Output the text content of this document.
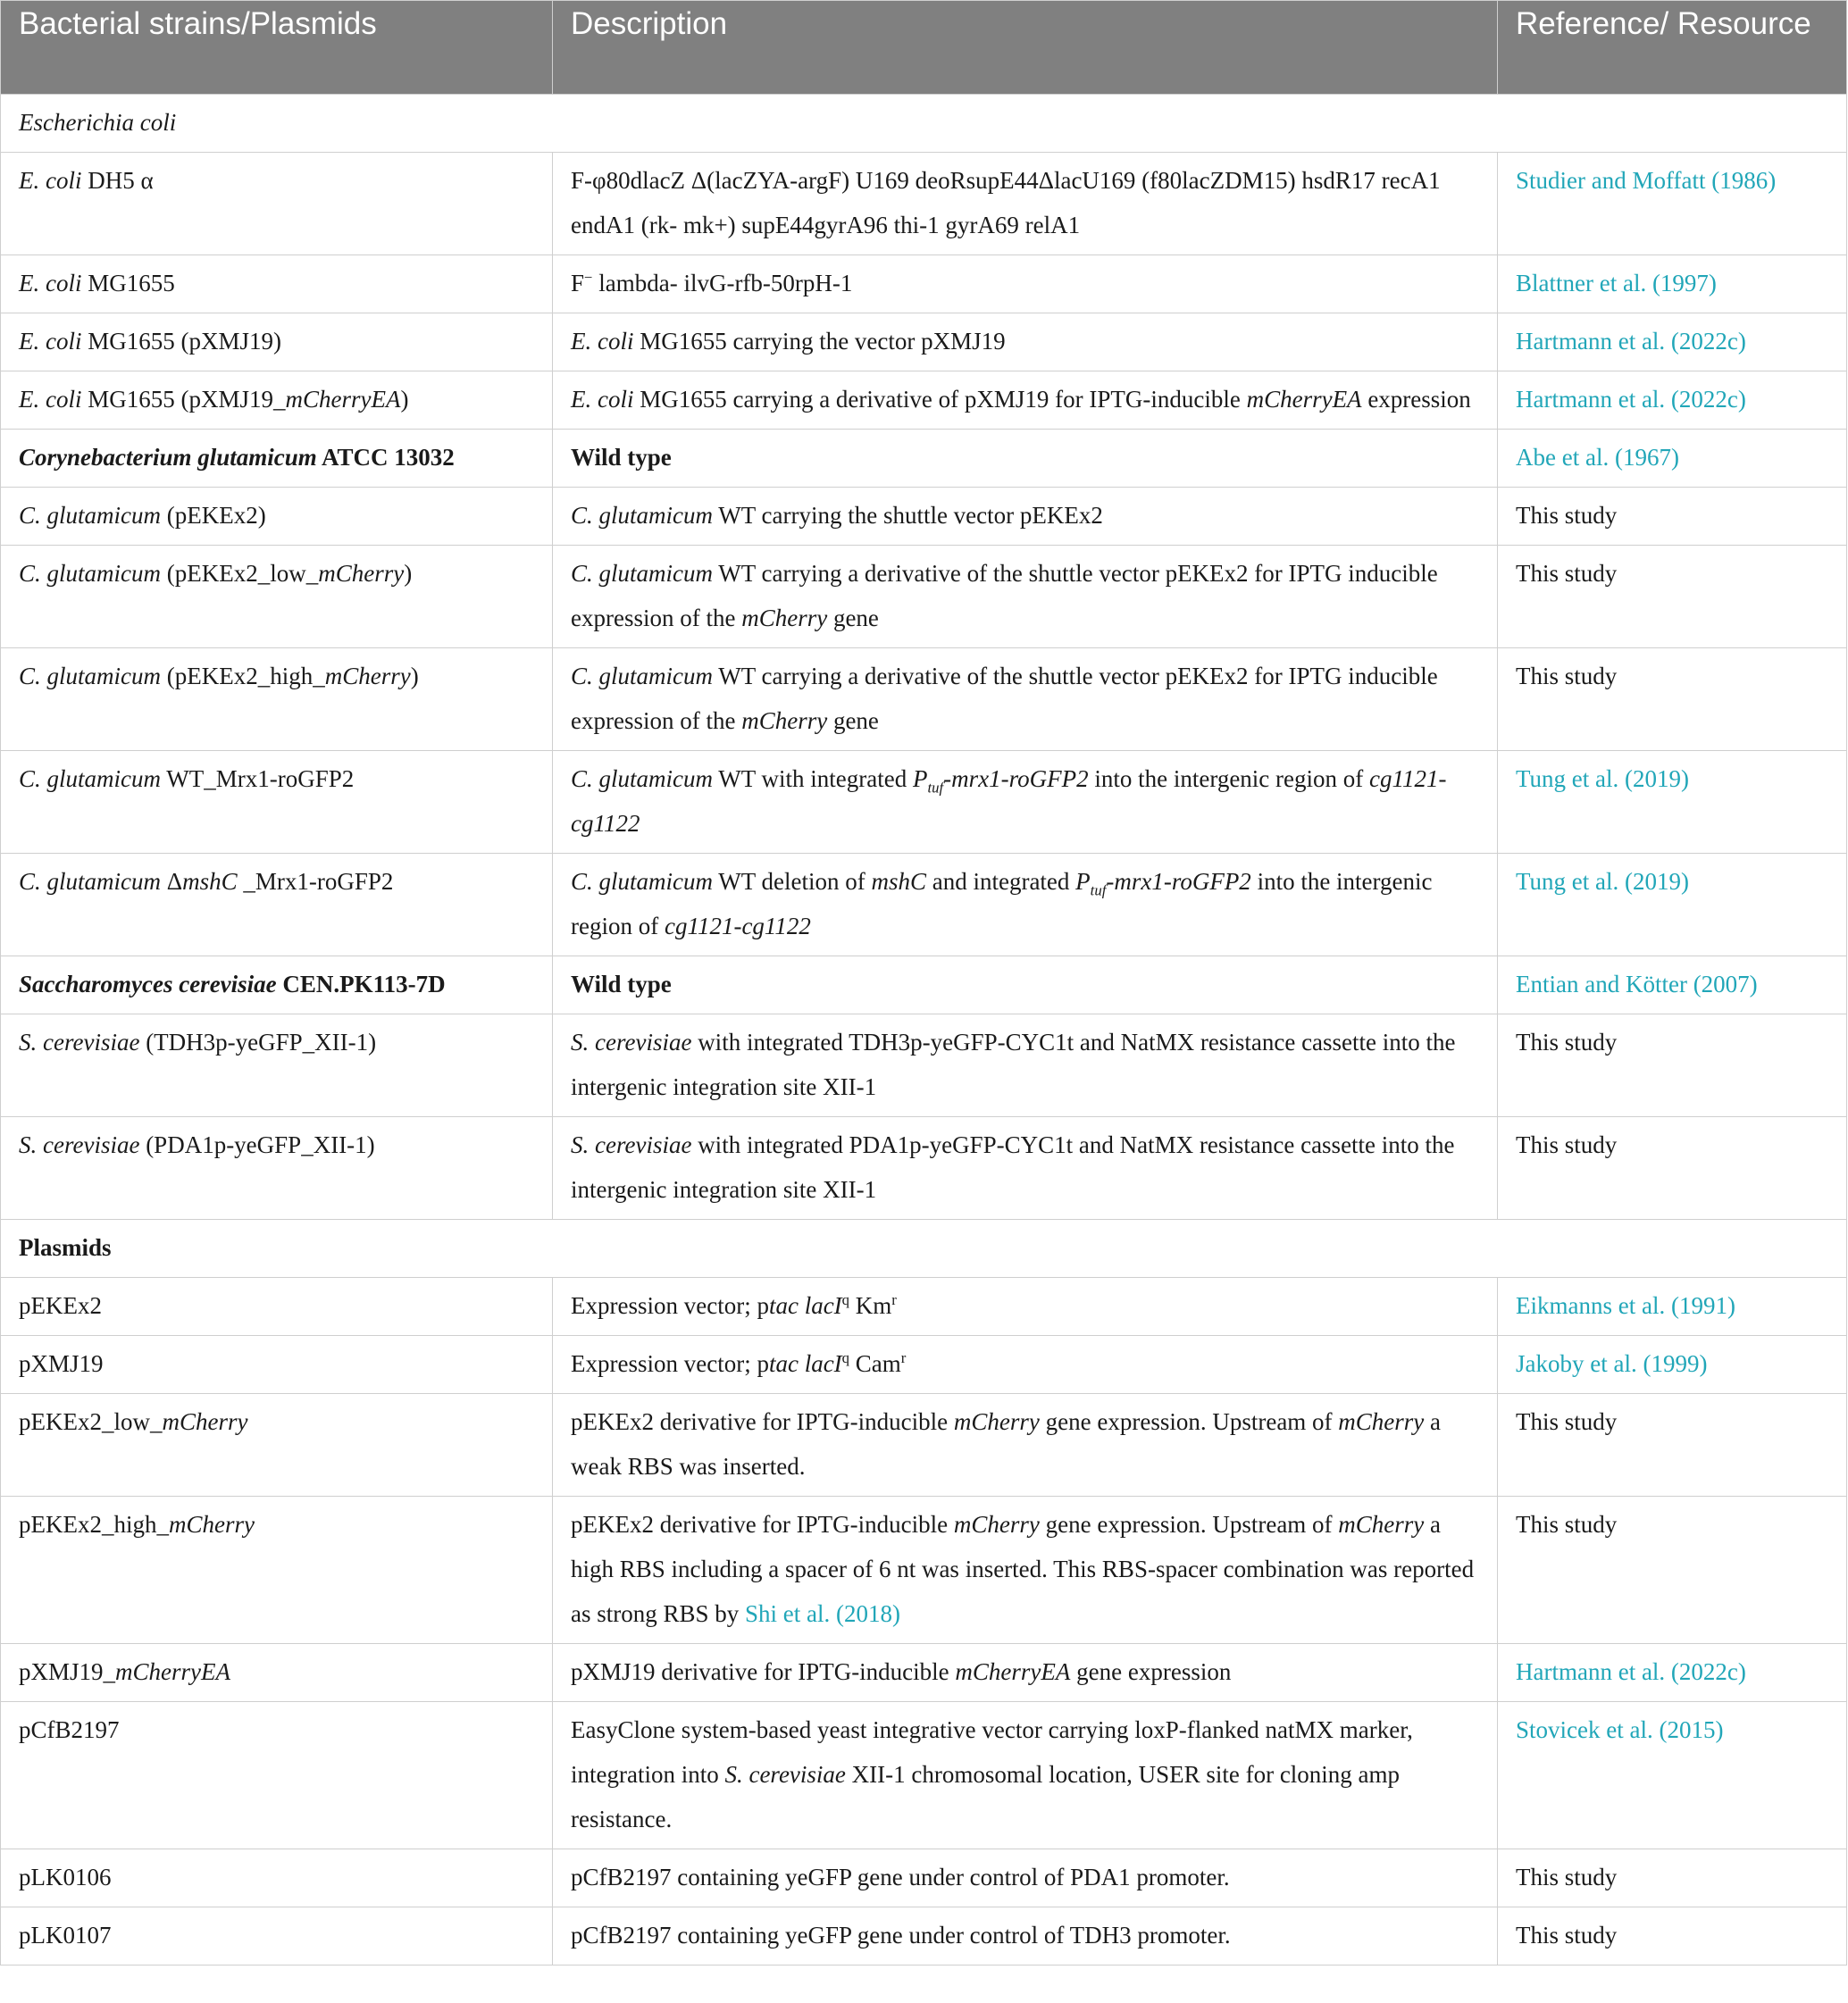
Bacterial strains/Plasmids	Description	Reference/ Resource
Escherichia coli		
E. coli DH5 α	F-φ80dlacZ Δ(lacZYA-argF) U169 deoRsupE44ΔlacU169 (f80lacZDM15) hsdR17 recA1 endA1 (rk- mk+) supE44gyrA96 thi-1 gyrA69 relA1	Studier and Moffatt (1986)
E. coli MG1655	F− lambda- ilvG-rfb-50rpH-1	Blattner et al. (1997)
E. coli MG1655 (pXMJ19)	E. coli MG1655 carrying the vector pXMJ19	Hartmann et al. (2022c)
E. coli MG1655 (pXMJ19_mCherryEA)	E. coli MG1655 carrying a derivative of pXMJ19 for IPTG-inducible mCherryEA expression	Hartmann et al. (2022c)
Corynebacterium glutamicum ATCC 13032	Wild type	Abe et al. (1967)
C. glutamicum (pEKEx2)	C. glutamicum WT carrying the shuttle vector pEKEx2	This study
C. glutamicum (pEKEx2_low_mCherry)	C. glutamicum WT carrying a derivative of the shuttle vector pEKEx2 for IPTG inducible expression of the mCherry gene	This study
C. glutamicum (pEKEx2_high_mCherry)	C. glutamicum WT carrying a derivative of the shuttle vector pEKEx2 for IPTG inducible expression of the mCherry gene	This study
C. glutamicum WT_Mrx1-roGFP2	C. glutamicum WT with integrated $P_{tuf}-mrx1-roGFP2$ into the intergenic region of cg1121-cg1122	Tung et al. (2019)
C. glutamicum ΔmshC _Mrx1-roGFP2	C. glutamicum WT deletion of mshC and integrated $P_{tuf}-mrx1-roGFP2$ into the intergenic region of cg1121-cg1122	Tung et al. (2019)
Saccharomyces cerevisiae CEN.PK113-7D	Wild type	Entian and Kötter (2007)
S. cerevisiae (TDH3p-yeGFP_XII-1)	S. cerevisiae with integrated TDH3p-yeGFP-CYC1t and NatMX resistance cassette into the intergenic integration site XII-1	This study
S. cerevisiae (PDA1p-yeGFP_XII-1)	S. cerevisiae with integrated PDA1p-yeGFP-CYC1t and NatMX resistance cassette into the intergenic integration site XII-1	This study
Plasmids		
pEKEx2	Expression vector; ptac lacI$^q$ Km$^r$	Eikmanns et al. (1991)
pXMJ19	Expression vector; ptac lacI$^q$ Cam$^r$	Jakoby et al. (1999)
pEKEx2_low_mCherry	pEKEx2 derivative for IPTG-inducible mCherry gene expression. Upstream of mCherry a weak RBS was inserted.	This study
pEKEx2_high_mCherry	pEKEx2 derivative for IPTG-inducible mCherry gene expression. Upstream of mCherry a high RBS including a spacer of 6 nt was inserted. This RBS-spacer combination was reported as strong RBS by Shi et al. (2018)	This study
pXMJ19_mCherryEA	pXMJ19 derivative for IPTG-inducible mCherryEA gene expression	Hartmann et al. (2022c)
pCfB2197	EasyClone system-based yeast integrative vector carrying loxP-flanked natMX marker, integration into S. cerevisiae XII-1 chromosomal location, USER site for cloning amp resistance.	Stovicek et al. (2015)
pLK0106	pCfB2197 containing yeGFP gene under control of PDA1 promoter.	This study
pLK0107	pCfB2197 containing yeGFP gene under control of TDH3 promoter.	This study
